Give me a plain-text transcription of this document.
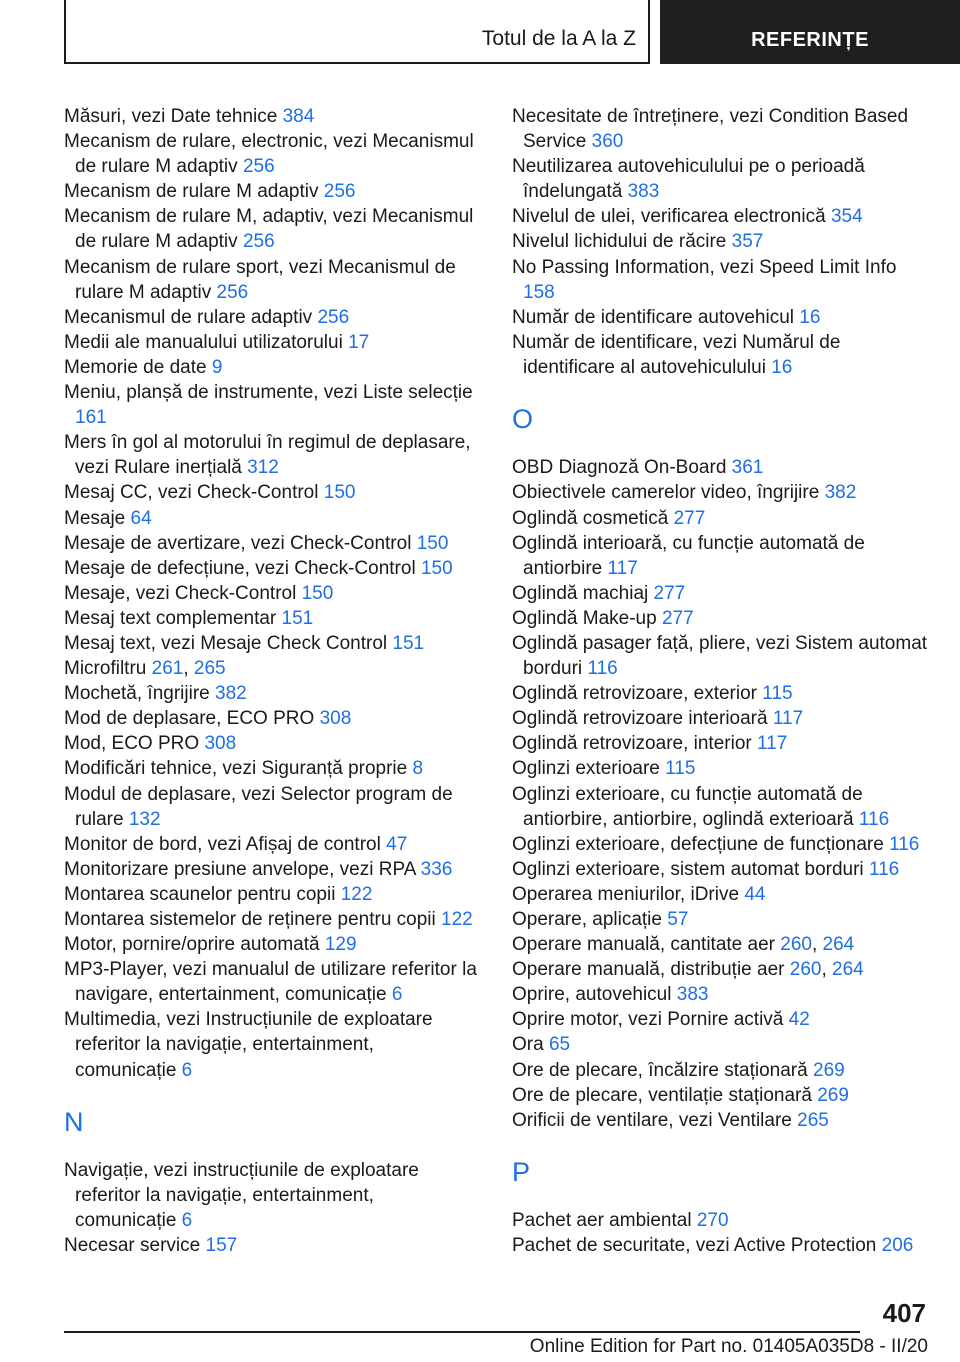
Totul de la A la Z	REFERINȚE
Măsuri, vezi Date tehnice 384
Mecanism de rulare, electronic, vezi Mecanismul de rulare M adaptiv 256
Mecanism de rulare M adaptiv 256
Mecanism de rulare M, adaptiv, vezi Mecanismul de rulare M adaptiv 256
Mecanism de rulare sport, vezi Mecanismul de rulare M adaptiv 256
Mecanismul de rulare adaptiv 256
Medii ale manualului utilizatorului 17
Memorie de date 9
Meniu, planșă de instrumente, vezi Liste selecție 161
Mers în gol al motorului în regimul de deplasare, vezi Rulare inerțială 312
Mesaj CC, vezi Check-Control 150
Mesaje 64
Mesaje de avertizare, vezi Check-Control 150
Mesaje de defecțiune, vezi Check-Control 150
Mesaje, vezi Check-Control 150
Mesaj text complementar 151
Mesaj text, vezi Mesaje Check Control 151
Microfiltru 261, 265
Mochetă, îngrijire 382
Mod de deplasare, ECO PRO 308
Mod, ECO PRO 308
Modificări tehnice, vezi Siguranță proprie 8
Modul de deplasare, vezi Selector program de rulare 132
Monitor de bord, vezi Afișaj de control 47
Monitorizare presiune anvelope, vezi RPA 336
Montarea scaunelor pentru copii 122
Montarea sistemelor de reținere pentru copii 122
Motor, pornire/oprire automată 129
MP3-Player, vezi manualul de utilizare referitor la navigare, entertainment, comunicație 6
Multimedia, vezi Instrucțiunile de exploatare referitor la navigație, entertainment, comunicație 6
N
Navigație, vezi instrucțiunile de exploatare referitor la navigație, entertainment, comunicație 6
Necesar service 157
Necesitate de întreținere, vezi Condition Based Service 360
Neutilizarea autovehiculului pe o perioadă îndelungată 383
Nivelul de ulei, verificarea electronică 354
Nivelul lichidului de răcire 357
No Passing Information, vezi Speed Limit Info 158
Număr de identificare autovehicul 16
Număr de identificare, vezi Numărul de identificare al autovehiculului 16
O
OBD Diagnoză On-Board 361
Obiectivele camerelor video, îngrijire 382
Oglindă cosmetică 277
Oglindă interioară, cu funcție automată de antiorbire 117
Oglindă machiaj 277
Oglindă Make-up 277
Oglindă pasager față, pliere, vezi Sistem automat borduri 116
Oglindă retrovizoare, exterior 115
Oglindă retrovizoare interioară 117
Oglindă retrovizoare, interior 117
Oglinzi exterioare 115
Oglinzi exterioare, cu funcție automată de antiorbire, antiorbire, oglindă exterioară 116
Oglinzi exterioare, defecțiune de funcționare 116
Oglinzi exterioare, sistem automat borduri 116
Operarea meniurilor, iDrive 44
Operare, aplicație 57
Operare manuală, cantitate aer 260, 264
Operare manuală, distribuție aer 260, 264
Oprire, autovehicul 383
Oprire motor, vezi Pornire activă 42
Ora 65
Ore de plecare, încălzire staționară 269
Ore de plecare, ventilație staționară 269
Orificii de ventilare, vezi Ventilare 265
P
Pachet aer ambiental 270
Pachet de securitate, vezi Active Protection 206
407
Online Edition for Part no. 01405A035D8 - II/20
